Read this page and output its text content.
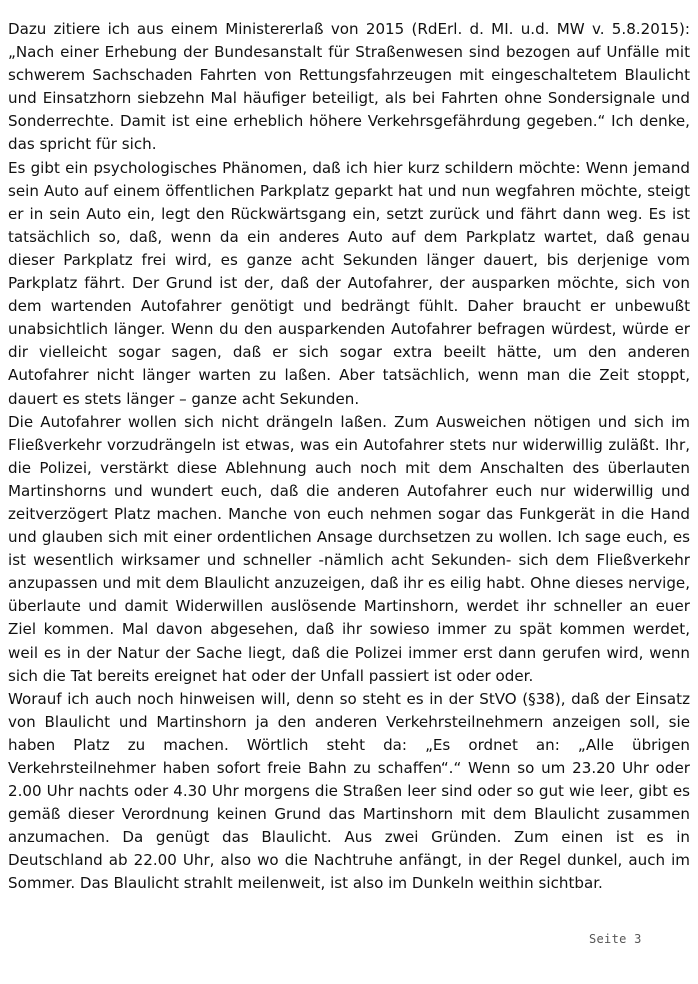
Dazu zitiere ich aus einem Ministererlaß von 2015 (RdErl. d. MI. u.d. MW v. 5.8.2015): „Nach einer Erhebung der Bundesanstalt für Straßenwesen sind bezogen auf Unfälle mit schwerem Sachschaden Fahrten von Rettungsfahrzeugen mit eingeschaltetem Blaulicht und Einsatzhorn siebzehn Mal häufiger beteiligt, als bei Fahrten ohne Sondersignale und Sonderrechte. Damit ist eine erheblich höhere Verkehrsgefährdung gegeben.“ Ich denke, das spricht für sich.

Es gibt ein psychologisches Phänomen, daß ich hier kurz schildern möchte: Wenn jemand sein Auto auf einem öffentlichen Parkplatz geparkt hat und nun wegfahren möchte, steigt er in sein Auto ein, legt den Rückwärtsgang ein, setzt zurück und fährt dann weg. Es ist tatsächlich so, daß, wenn da ein anderes Auto auf dem Parkplatz wartet, daß genau dieser Parkplatz frei wird, es ganze acht Sekunden länger dauert, bis derjenige vom Parkplatz fährt. Der Grund ist der, daß der Autofahrer, der ausparken möchte, sich von dem wartenden Autofahrer genötigt und bedrängt fühlt. Daher braucht er unbewußt unabsichtlich länger. Wenn du den ausparkenden Autofahrer befragen würdest, würde er dir vielleicht sogar sagen, daß er sich sogar extra beeilt hätte, um den anderen Autofahrer nicht länger warten zu laßen. Aber tatsächlich, wenn man die Zeit stoppt, dauert es stets länger – ganze acht Sekunden.

Die Autofahrer wollen sich nicht drängeln laßen. Zum Ausweichen nötigen und sich im Fließverkehr vorzudrängeln ist etwas, was ein Autofahrer stets nur widerwillig zuläßt. Ihr, die Polizei, verstärkt diese Ablehnung auch noch mit dem Anschalten des überlauten Martinshorns und wundert euch, daß die anderen Autofahrer euch nur widerwillig und zeitverzögert Platz machen. Manche von euch nehmen sogar das Funkgerät in die Hand und glauben sich mit einer ordentlichen Ansage durchsetzen zu wollen. Ich sage euch, es ist wesentlich wirksamer und schneller -nämlich acht Sekunden- sich dem Fließverkehr anzupassen und mit dem Blaulicht anzuzeigen, daß ihr es eilig habt. Ohne dieses nervige, überlaute und damit Widerwillen auslösende Martinshorn, werdet ihr schneller an euer Ziel kommen. Mal davon abgesehen, daß ihr sowieso immer zu spät kommen werdet, weil es in der Natur der Sache liegt, daß die Polizei immer erst dann gerufen wird, wenn sich die Tat bereits ereignet hat oder der Unfall passiert ist oder oder.

Worauf ich auch noch hinweisen will, denn so steht es in der StVO (§38), daß der Einsatz von Blaulicht und Martinshorn ja den anderen Verkehrsteilnehmern anzeigen soll, sie haben Platz zu machen. Wörtlich steht da: „Es ordnet an: „Alle übrigen Verkehrsteilnehmer haben sofort freie Bahn zu schaffen“.“ Wenn so um 23.20 Uhr oder 2.00 Uhr nachts oder 4.30 Uhr morgens die Straßen leer sind oder so gut wie leer, gibt es gemäß dieser Verordnung keinen Grund das Martinshorn mit dem Blaulicht zusammen anzumachen. Da genügt das Blaulicht. Aus zwei Gründen. Zum einen ist es in Deutschland ab 22.00 Uhr, also wo die Nachtruhe anfängt, in der Regel dunkel, auch im Sommer. Das Blaulicht strahlt meilenweit, ist also im Dunkeln weithin sichtbar.

Seite 3
